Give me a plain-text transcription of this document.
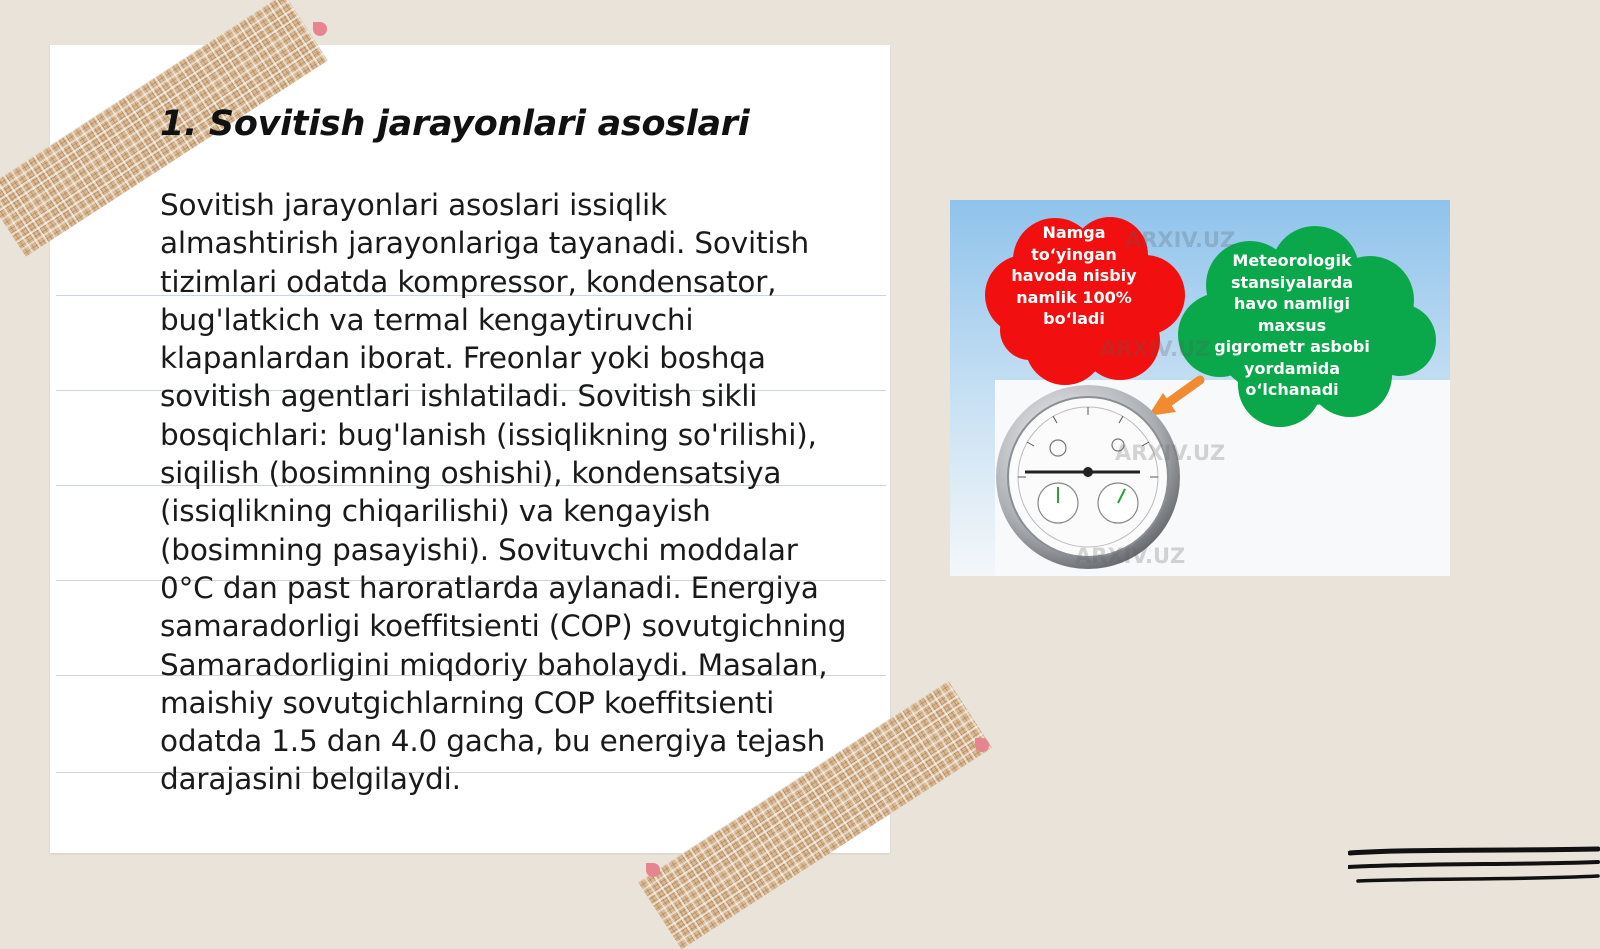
1. Sovitish jarayonlari asoslari

Sovitish jarayonlari asoslari issiqlik almashtirish jarayonlariga tayanadi. Sovitish tizimlari odatda kompressor, kondensator, bug'latkich va termal kengaytiruvchi klapanlardan iborat. Freonlar yoki boshqa sovitish agentlari ishlatiladi. Sovitish sikli bosqichlari: bug'lanish (issiqlikning so'rilishi), siqilish (bosimning oshishi), kondensatsiya (issiqlikning chiqarilishi) va kengayish (bosimning pasayishi). Sovituvchi moddalar 0°C dan past haroratlarda aylanadi. Energiya samaradorligi koeffitsienti (COP) sovutgichning Samaradorligini miqdoriy baholaydi. Masalan, maishiy sovutgichlarning COP koeffitsienti odatda 1.5 dan 4.0 gacha, bu energiya tejash darajasini belgilaydi.

Namga to‘yingan havoda nisbiy namlik 100% bo‘ladi

Meteorologik stansiyalarda havo namligi maxsus gigrometr asbobi yordamida o‘lchanadi

ARXIV.UZ
ARXIV.UZ
ARXIV.UZ
ARXIV.UZ
